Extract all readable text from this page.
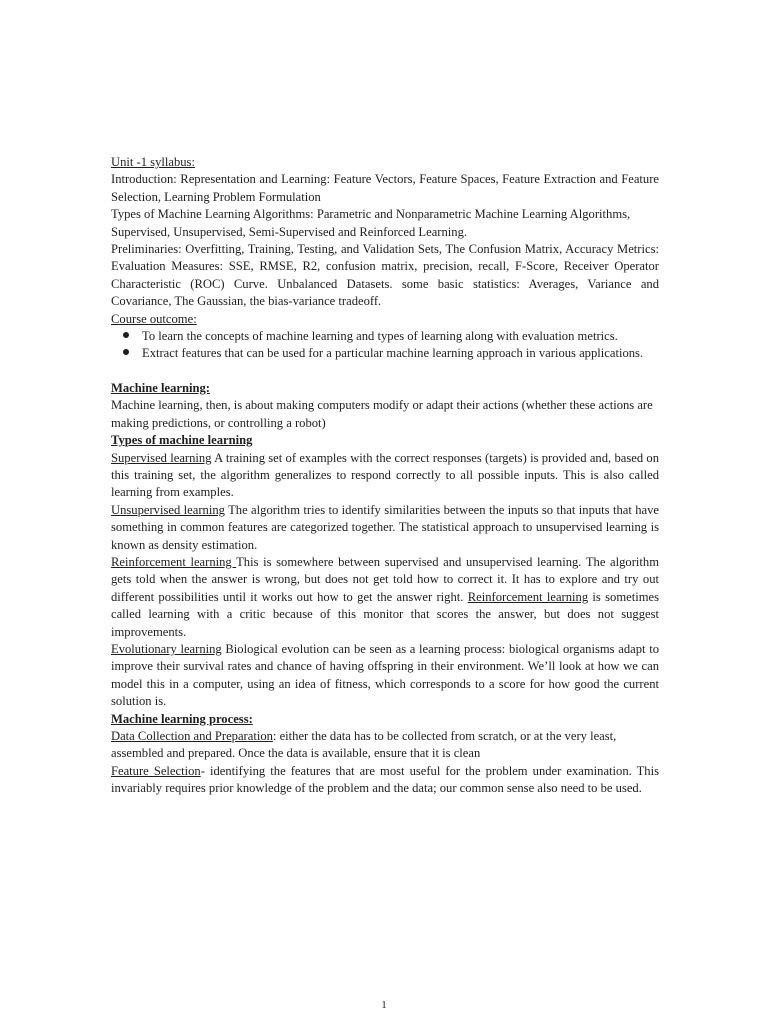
Unit -1 syllabus:

Introduction: Representation and Learning: Feature Vectors, Feature Spaces, Feature Extraction and Feature Selection, Learning Problem Formulation

Types of Machine Learning Algorithms: Parametric and Nonparametric Machine Learning Algorithms, Supervised, Unsupervised, Semi-Supervised and Reinforced Learning.

Preliminaries: Overfitting, Training, Testing, and Validation Sets, The Confusion Matrix, Accuracy Metrics: Evaluation Measures: SSE, RMSE, R2, confusion matrix, precision, recall, F-Score, Receiver Operator Characteristic (ROC) Curve. Unbalanced Datasets. some basic statistics: Averages, Variance and Covariance, The Gaussian, the bias-variance tradeoff.

Course outcome:

To learn the concepts of machine learning and types of learning along with evaluation metrics.
Extract features that can be used for a particular machine learning approach in various applications.

Machine learning:

Machine learning, then, is about making computers modify or adapt their actions (whether these actions are making predictions, or controlling a robot)

Types of machine learning

Supervised learning A training set of examples with the correct responses (targets) is provided and, based on this training set, the algorithm generalizes to respond correctly to all possible inputs. This is also called learning from examples.

Unsupervised learning The algorithm tries to identify similarities between the inputs so that inputs that have something in common features are categorized together. The statistical approach to unsupervised learning is known as density estimation.

Reinforcement learning This is somewhere between supervised and unsupervised learning. The algorithm gets told when the answer is wrong, but does not get told how to correct it. It has to explore and try out different possibilities until it works out how to get the answer right. Reinforcement learning is sometimes called learning with a critic because of this monitor that scores the answer, but does not suggest improvements.

Evolutionary learning Biological evolution can be seen as a learning process: biological organisms adapt to improve their survival rates and chance of having offspring in their environment. We’ll look at how we can model this in a computer, using an idea of fitness, which corresponds to a score for how good the current solution is.

Machine learning process:

Data Collection and Preparation: either the data has to be collected from scratch, or at the very least, assembled and prepared. Once the data is available, ensure that it is clean

Feature Selection- identifying the features that are most useful for the problem under examination. This invariably requires prior knowledge of the problem and the data; our common sense also need to be used.

1
